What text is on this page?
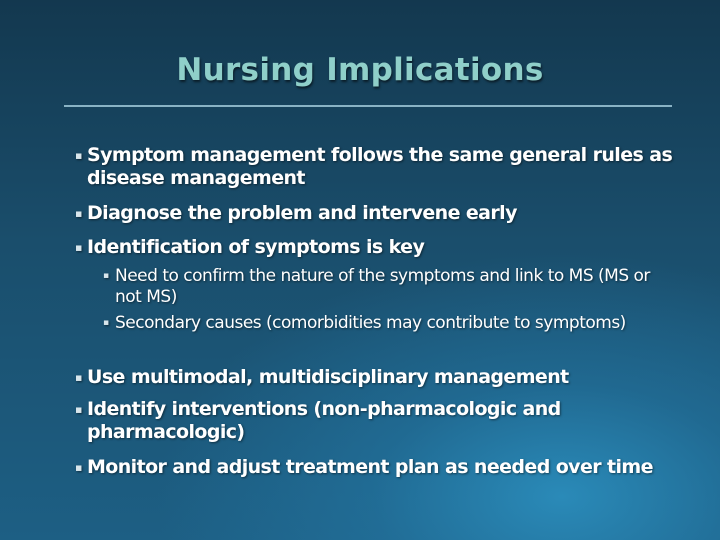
Nursing Implications
▪ Symptom management follows the same general rules as disease management
▪ Diagnose the problem and intervene early
▪ Identification of symptoms is key
▪ Need to confirm the nature of the symptoms and link to MS (MS or not MS)
▪ Secondary causes (comorbidities may contribute to symptoms)
▪ Use multimodal, multidisciplinary management
▪ Identify interventions (non-pharmacologic and pharmacologic)
▪ Monitor and adjust treatment plan as needed over time
